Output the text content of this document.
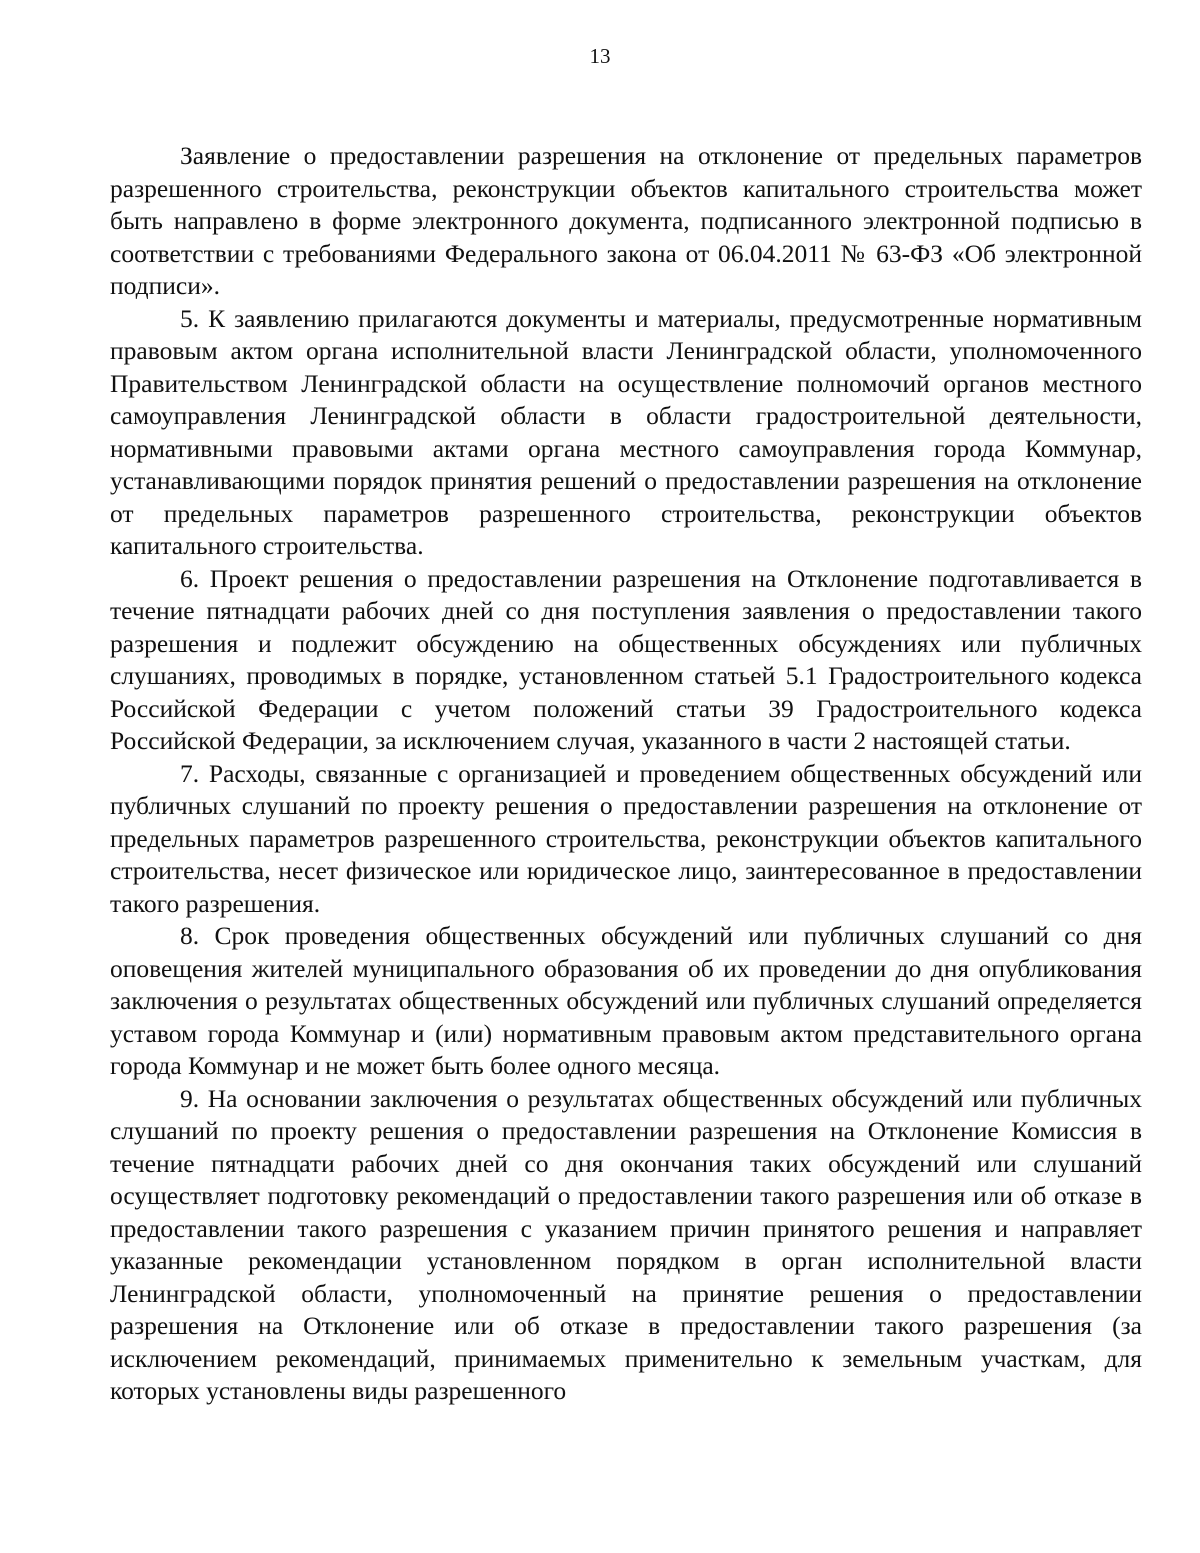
13

Заявление о предоставлении разрешения на отклонение от предельных параметров разрешенного строительства, реконструкции объектов капитального строительства может быть направлено в форме электронного документа, подписанного электронной подписью в соответствии с требованиями Федерального закона от 06.04.2011 № 63-ФЗ «Об электронной подписи».

5. К заявлению прилагаются документы и материалы, предусмотренные нормативным правовым актом органа исполнительной власти Ленинградской области, уполномоченного Правительством Ленинградской области на осуществление полномочий органов местного самоуправления Ленинградской области в области градостроительной деятельности, нормативными правовыми актами органа местного самоуправления города Коммунар, устанавливающими порядок принятия решений о предоставлении разрешения на отклонение от предельных параметров разрешенного строительства, реконструкции объектов капитального строительства.

6. Проект решения о предоставлении разрешения на Отклонение подготавливается в течение пятнадцати рабочих дней со дня поступления заявления о предоставлении такого разрешения и подлежит обсуждению на общественных обсуждениях или публичных слушаниях, проводимых в порядке, установленном статьей 5.1 Градостроительного кодекса Российской Федерации с учетом положений статьи 39 Градостроительного кодекса Российской Федерации, за исключением случая, указанного в части 2 настоящей статьи.

7. Расходы, связанные с организацией и проведением общественных обсуждений или публичных слушаний по проекту решения о предоставлении разрешения на отклонение от предельных параметров разрешенного строительства, реконструкции объектов капитального строительства, несет физическое или юридическое лицо, заинтересованное в предоставлении такого разрешения.

8. Срок проведения общественных обсуждений или публичных слушаний со дня оповещения жителей муниципального образования об их проведении до дня опубликования заключения о результатах общественных обсуждений или публичных слушаний определяется уставом города Коммунар и (или) нормативным правовым актом представительного органа города Коммунар и не может быть более одного месяца.

9. На основании заключения о результатах общественных обсуждений или публичных слушаний по проекту решения о предоставлении разрешения на Отклонение Комиссия в течение пятнадцати рабочих дней со дня окончания таких обсуждений или слушаний осуществляет подготовку рекомендаций о предоставлении такого разрешения или об отказе в предоставлении такого разрешения с указанием причин принятого решения и направляет указанные рекомендации установленном порядком в орган исполнительной власти Ленинградской области, уполномоченный на принятие решения о предоставлении разрешения на Отклонение или об отказе в предоставлении такого разрешения (за исключением рекомендаций, принимаемых применительно к земельным участкам, для которых установлены виды разрешенного
